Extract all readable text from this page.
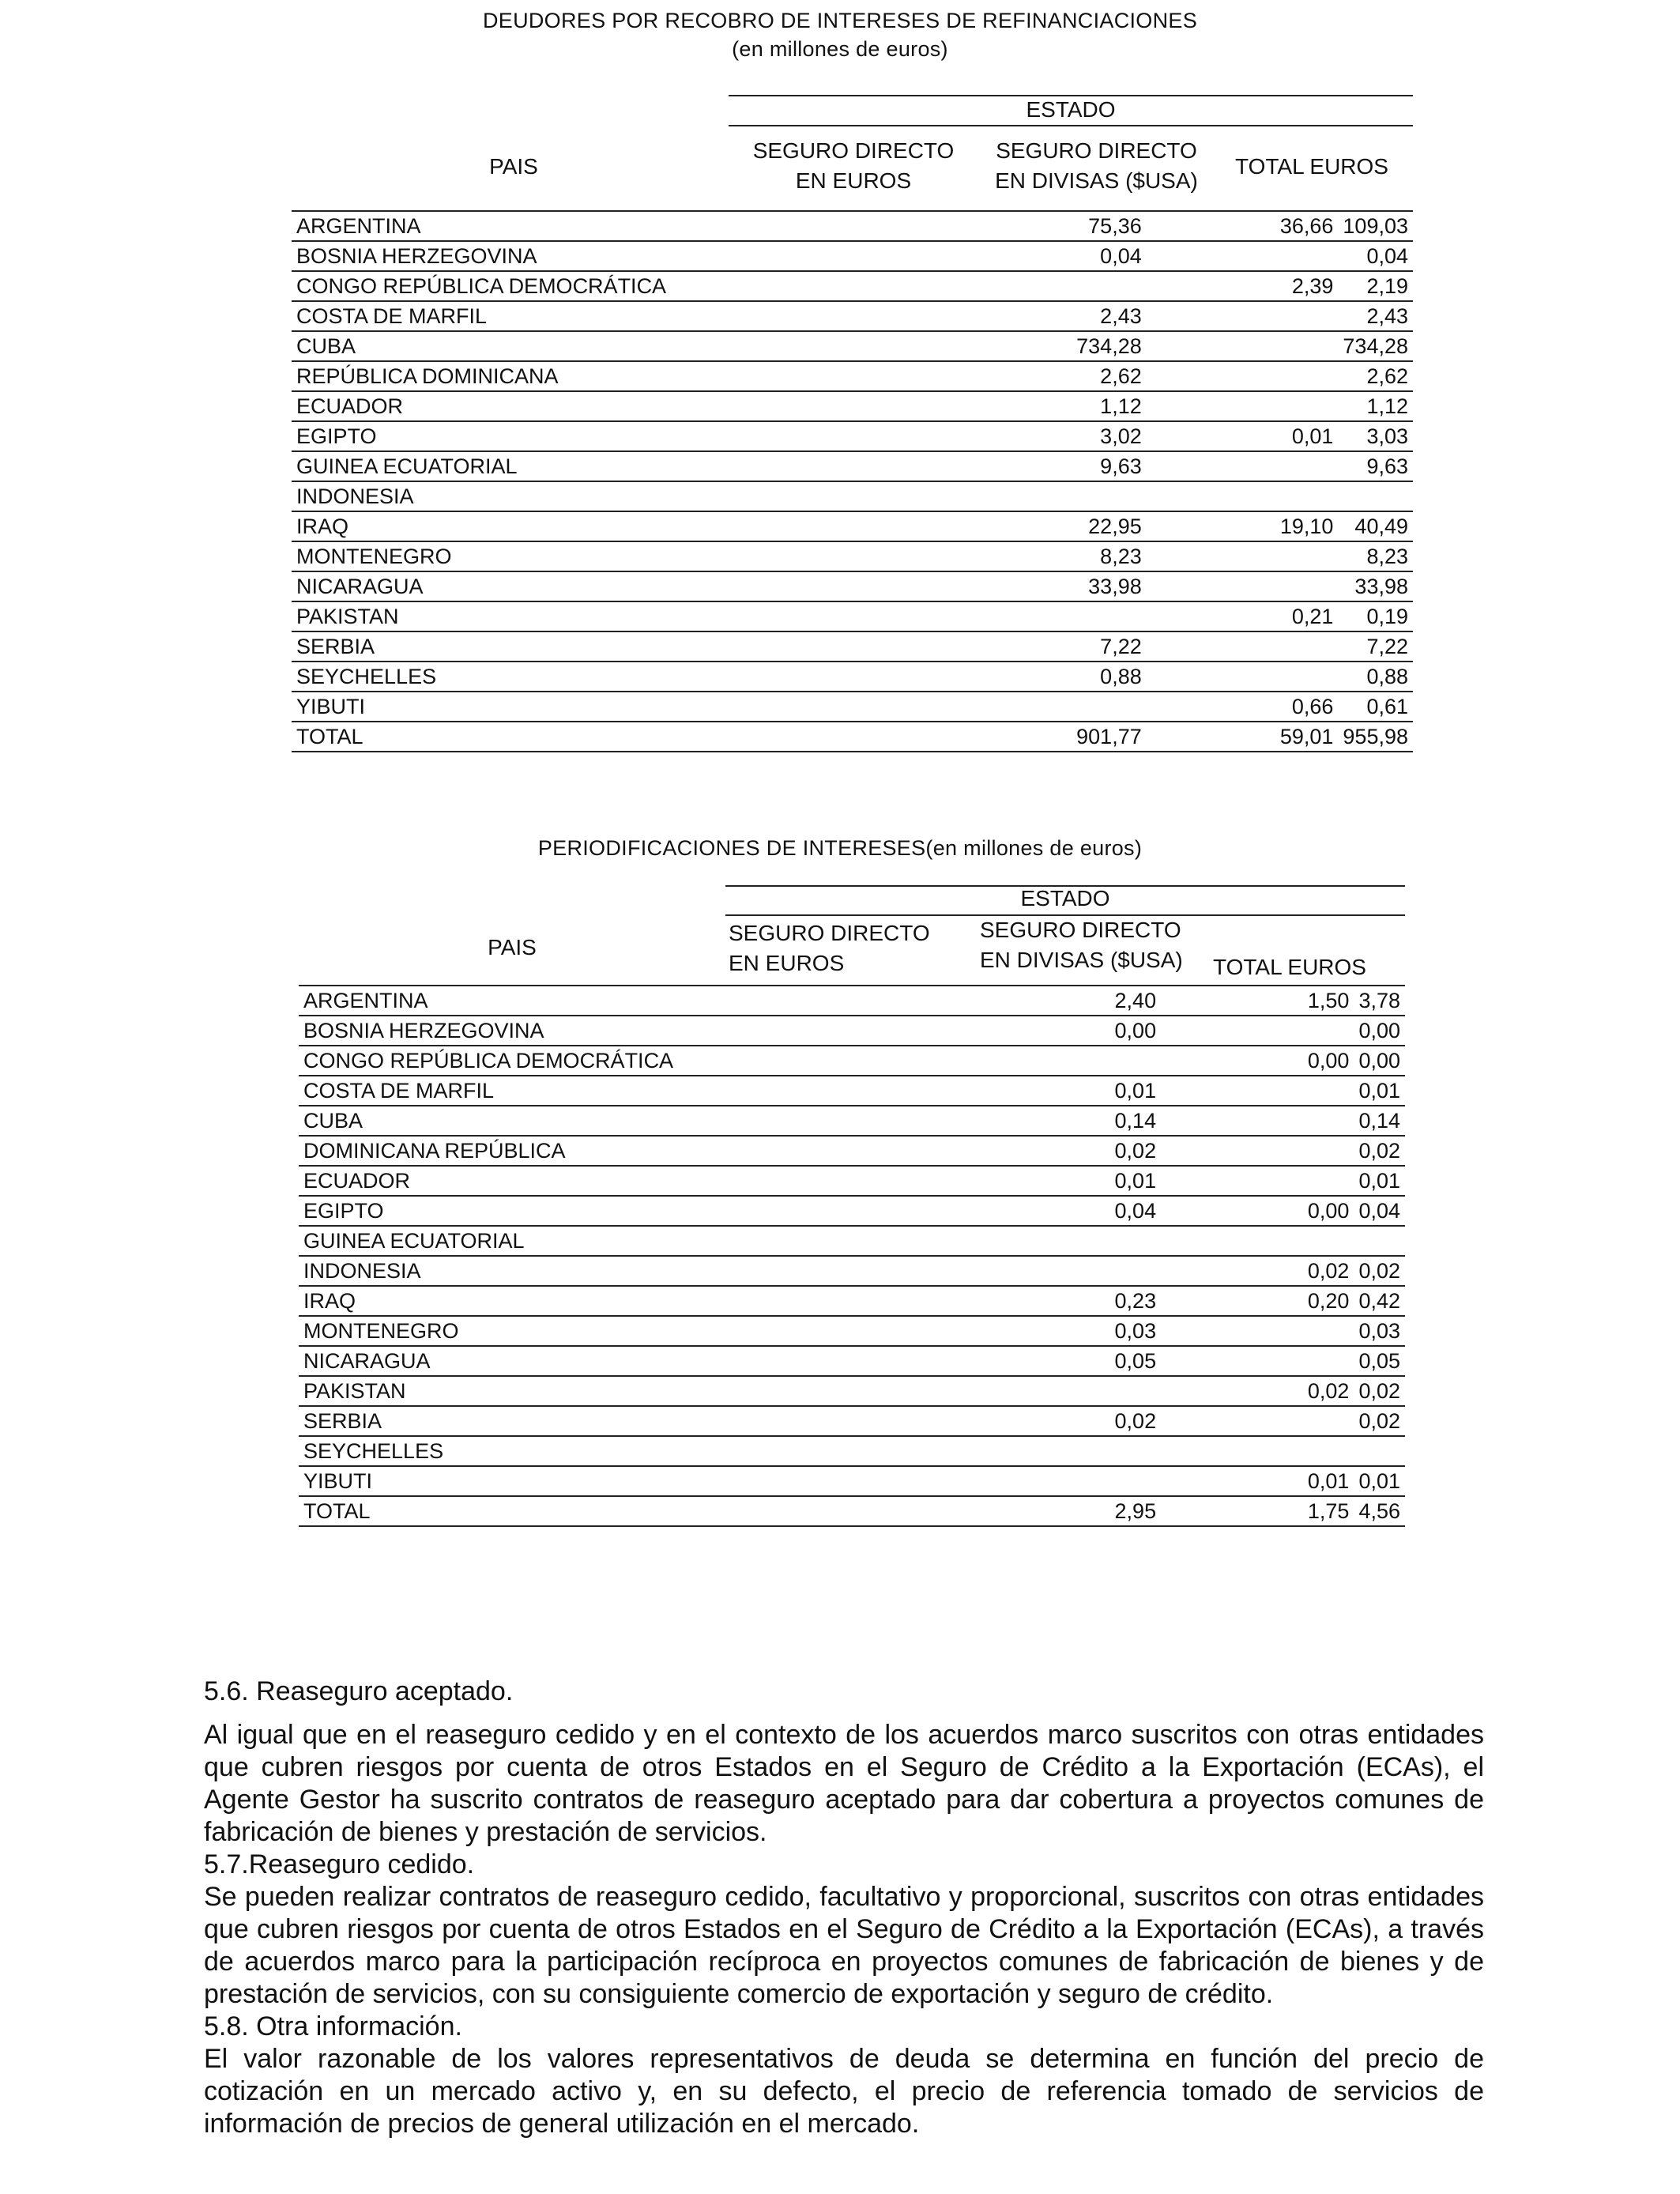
DEUDORES POR RECOBRO DE INTERESES DE REFINANCIACIONES
(en millones de euros)
ESTADO
PAIS
SEGURO DIRECTO
EN EUROS
SEGURO DIRECTO
EN DIVISAS ($USA)
TOTAL EUROS
ARGENTINA	75,36	36,66	109,03
BOSNIA HERZEGOVINA	0,04		0,04
CONGO REPÚBLICA DEMOCRÁTICA		2,39	2,19
COSTA DE MARFIL	2,43		2,43
CUBA	734,28		734,28
REPÚBLICA DOMINICANA	2,62		2,62
ECUADOR	1,12		1,12
EGIPTO	3,02	0,01	3,03
GUINEA ECUATORIAL	9,63		9,63
INDONESIA			
IRAQ	22,95	19,10	40,49
MONTENEGRO	8,23		8,23
NICARAGUA	33,98		33,98
PAKISTAN		0,21	0,19
SERBIA	7,22		7,22
SEYCHELLES	0,88		0,88
YIBUTI		0,66	0,61
TOTAL	901,77	59,01	955,98
PERIODIFICACIONES DE INTERESES(en millones de euros)
ESTADO
PAIS
SEGURO DIRECTO
EN EUROS
SEGURO DIRECTO
EN DIVISAS ($USA)	TOTAL EUROS
ARGENTINA	2,40	1,50	3,78
BOSNIA HERZEGOVINA	0,00		0,00
CONGO REPÚBLICA DEMOCRÁTICA		0,00	0,00
COSTA DE MARFIL	0,01		0,01
CUBA	0,14		0,14
DOMINICANA REPÚBLICA	0,02		0,02
ECUADOR	0,01		0,01
EGIPTO	0,04	0,00	0,04
GUINEA ECUATORIAL			
INDONESIA		0,02	0,02
IRAQ	0,23	0,20	0,42
MONTENEGRO	0,03		0,03
NICARAGUA	0,05		0,05
PAKISTAN		0,02	0,02
SERBIA	0,02		0,02
SEYCHELLES			
YIBUTI		0,01	0,01
TOTAL	2,95	1,75	4,56

5.6. Reaseguro aceptado.

Al igual que en el reaseguro cedido y en el contexto de los acuerdos marco suscritos con otras entidades que cubren riesgos por cuenta de otros Estados en el Seguro de Crédito a la Exportación (ECAs), el Agente Gestor ha suscrito contratos de reaseguro aceptado para dar cobertura a proyectos comunes de fabricación de bienes y prestación de servicios.

5.7.Reaseguro cedido.

Se pueden realizar contratos de reaseguro cedido, facultativo y proporcional, suscritos con otras entidades que cubren riesgos por cuenta de otros Estados en el Seguro de Crédito a la Exportación (ECAs), a través de acuerdos marco para la participación recíproca en proyectos comunes de fabricación de bienes y de prestación de servicios, con su consiguiente comercio de exportación y seguro de crédito.

5.8. Otra información.

El valor razonable de los valores representativos de deuda se determina en función del precio de cotización en un mercado activo y, en su defecto, el precio de referencia tomado de servicios de información de precios de general utilización en el mercado.
